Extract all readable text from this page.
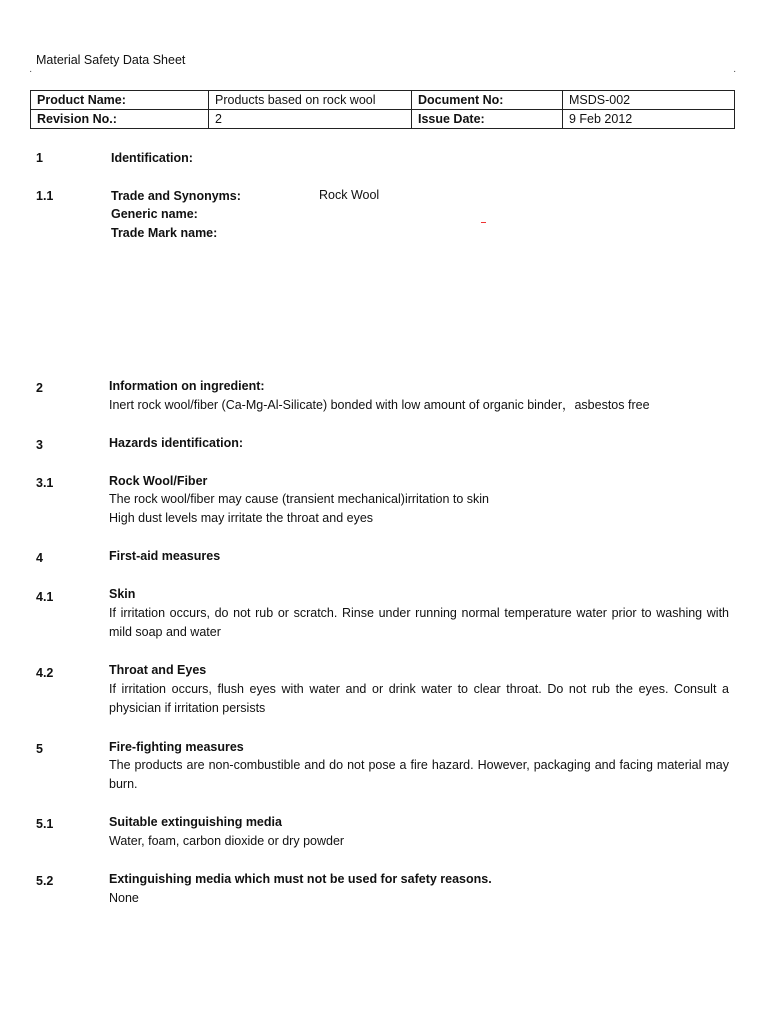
Material Safety Data Sheet
·	·
Product Name:	Products based on rock wool	Document No:	MSDS-002
Revision No.:	2	Issue Date:	9 Feb 2012
1	Identification:
1.1	Trade and Synonyms:	Rock Wool
Generic name:
Trade Mark name:
2	Information on ingredient:
Inert rock wool/fiber (Ca-Mg-Al-Silicate) bonded with low amount of organic binder，asbestos free
3	Hazards identification:
3.1	Rock Wool/Fiber
The rock wool/fiber may cause (transient mechanical)irritation to skin
High dust levels may irritate the throat and eyes
4	First-aid measures
4.1	Skin
If irritation occurs, do not rub or scratch. Rinse under running normal temperature water prior to washing with mild soap and water
4.2	Throat and Eyes
If irritation occurs, flush eyes with water and or drink water to clear throat. Do not rub the eyes. Consult a physician if irritation persists
5	Fire-fighting measures
The products are non-combustible and do not pose a fire hazard. However, packaging and facing material may burn.
5.1	Suitable extinguishing media
Water, foam, carbon dioxide or dry powder
5.2	Extinguishing media which must not be used for safety reasons.
None
